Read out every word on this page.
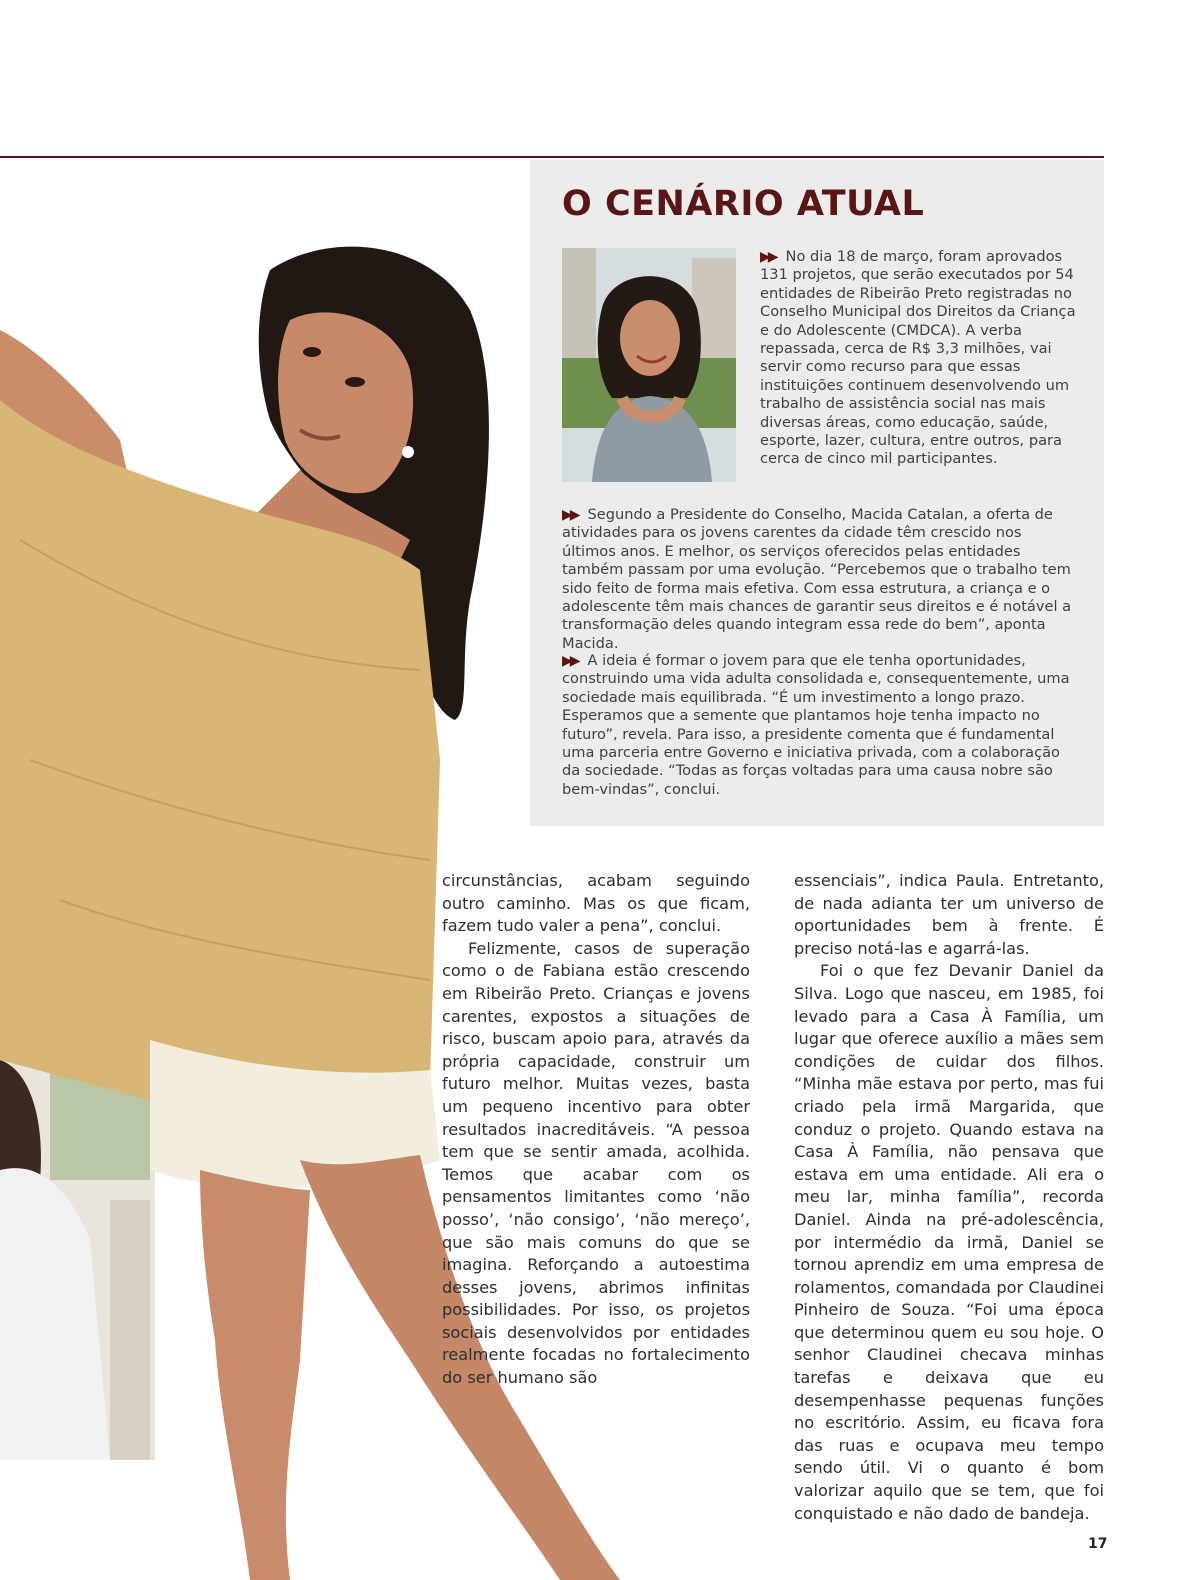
O CENÁRIO ATUAL

▶▶ No dia 18 de março, foram aprovados 131 projetos, que serão executados por 54 entidades de Ribeirão Preto registradas no Conselho Municipal dos Direitos da Criança e do Adolescente (CMDCA). A verba repassada, cerca de R$ 3,3 milhões, vai servir como recurso para que essas instituições continuem desenvolvendo um trabalho de assistência social nas mais diversas áreas, como educação, saúde, esporte, lazer, cultura, entre outros, para cerca de cinco mil participantes.

▶▶ Segundo a Presidente do Conselho, Macida Catalan, a oferta de atividades para os jovens carentes da cidade têm crescido nos últimos anos. E melhor, os serviços oferecidos pelas entidades também passam por uma evolução. “Percebemos que o trabalho tem sido feito de forma mais efetiva. Com essa estrutura, a criança e o adolescente têm mais chances de garantir seus direitos e é notável a transformação deles quando integram essa rede do bem”, aponta Macida.

▶▶ A ideia é formar o jovem para que ele tenha oportunidades, construindo uma vida adulta consolidada e, consequentemente, uma sociedade mais equilibrada. “É um investimento a longo prazo. Esperamos que a semente que plantamos hoje tenha impacto no futuro”, revela. Para isso, a presidente comenta que é fundamental uma parceria entre Governo e iniciativa privada, com a colaboração da sociedade. “Todas as forças voltadas para uma causa nobre são bem-vindas”, conclui.

circunstâncias, acabam seguindo outro caminho. Mas os que ficam, fazem tudo valer a pena”, conclui.

Felizmente, casos de superação como o de Fabiana estão crescendo em Ribeirão Preto. Crianças e jovens carentes, expostos a situações de risco, buscam apoio para, através da própria capacidade, construir um futuro melhor. Muitas vezes, basta um pequeno incentivo para obter resultados inacreditáveis. “A pessoa tem que se sentir amada, acolhida. Temos que acabar com os pensamentos limitantes como ‘não posso’, ‘não consigo’, ‘não mereço’, que são mais comuns do que se imagina. Reforçando a autoestima desses jovens, abrimos infinitas possibilidades. Por isso, os projetos sociais desenvolvidos por entidades realmente focadas no fortalecimento do ser humano são

essenciais”, indica Paula. Entretanto, de nada adianta ter um universo de oportunidades bem à frente. É preciso notá-las e agarrá-las.

Foi o que fez Devanir Daniel da Silva. Logo que nasceu, em 1985, foi levado para a Casa À Família, um lugar que oferece auxílio a mães sem condições de cuidar dos filhos. “Minha mãe estava por perto, mas fui criado pela irmã Margarida, que conduz o projeto. Quando estava na Casa À Família, não pensava que estava em uma entidade. Ali era o meu lar, minha família”, recorda Daniel. Ainda na pré-adolescência, por intermédio da irmã, Daniel se tornou aprendiz em uma empresa de rolamentos, comandada por Claudinei Pinheiro de Souza. “Foi uma época que determinou quem eu sou hoje. O senhor Claudinei checava minhas tarefas e deixava que eu desempenhasse pequenas funções no escritório. Assim, eu ficava fora das ruas e ocupava meu tempo sendo útil. Vi o quanto é bom valorizar aquilo que se tem, que foi conquistado e não dado de bandeja.

17
